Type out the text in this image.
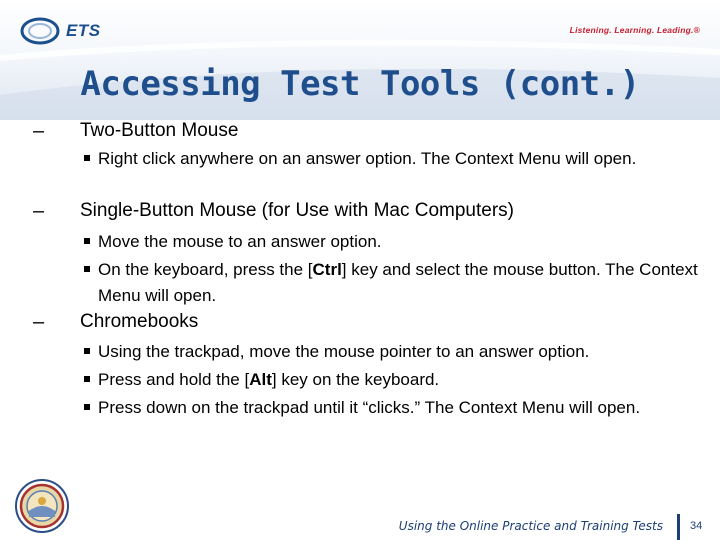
ETS	Listening. Learning. Leading.®
Accessing Test Tools (cont.)
– Two-Button Mouse
Right click anywhere on an answer option. The Context Menu will open.
– Single-Button Mouse (for Use with Mac Computers)
Move the mouse to an answer option.
On the keyboard, press the [Ctrl] key and select the mouse button. The Context Menu will open.
– Chromebooks
Using the trackpad, move the mouse pointer to an answer option.
Press and hold the [Alt] key on the keyboard.
Press down on the trackpad until it “clicks.” The Context Menu will open.
Using the Online Practice and Training Tests 34
